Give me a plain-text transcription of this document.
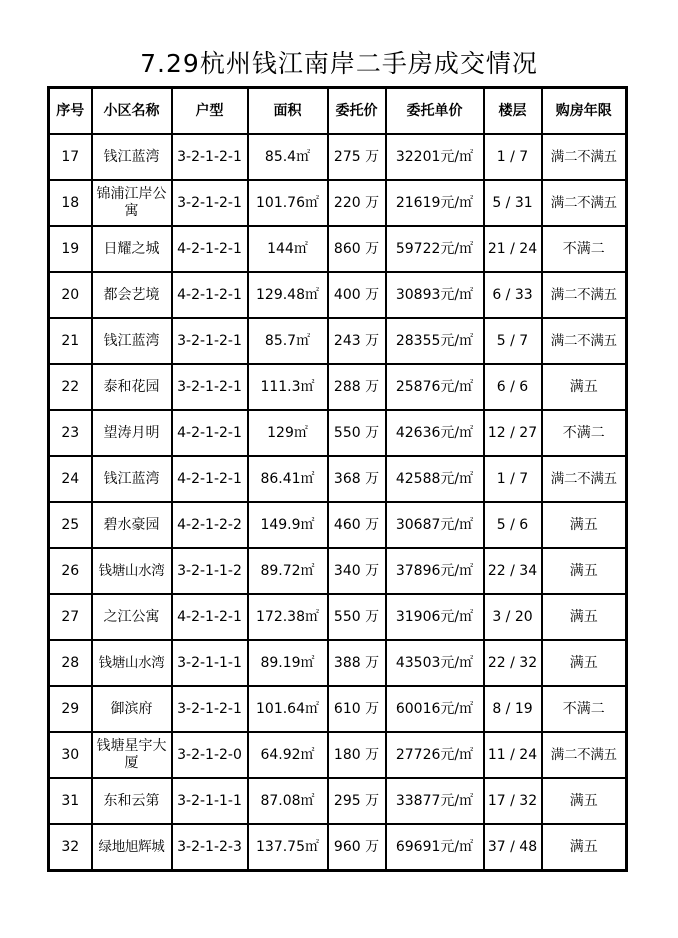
7.29杭州钱江南岸二手房成交情况
序号	小区名称	户型	面积	委托价	委托单价	楼层	购房年限
17	钱江蓝湾	3-2-1-2-1	85.4㎡	275 万	32201元/㎡	1 / 7	满二不满五
18	锦浦江岸公寓	3-2-1-2-1	101.76㎡	220 万	21619元/㎡	5 / 31	满二不满五
19	日耀之城	4-2-1-2-1	144㎡	860 万	59722元/㎡	21 / 24	不满二
20	都会艺境	4-2-1-2-1	129.48㎡	400 万	30893元/㎡	6 / 33	满二不满五
21	钱江蓝湾	3-2-1-2-1	85.7㎡	243 万	28355元/㎡	5 / 7	满二不满五
22	泰和花园	3-2-1-2-1	111.3㎡	288 万	25876元/㎡	6 / 6	满五
23	望涛月明	4-2-1-2-1	129㎡	550 万	42636元/㎡	12 / 27	不满二
24	钱江蓝湾	4-2-1-2-1	86.41㎡	368 万	42588元/㎡	1 / 7	满二不满五
25	碧水豪园	4-2-1-2-2	149.9㎡	460 万	30687元/㎡	5 / 6	满五
26	钱塘山水湾	3-2-1-1-2	89.72㎡	340 万	37896元/㎡	22 / 34	满五
27	之江公寓	4-2-1-2-1	172.38㎡	550 万	31906元/㎡	3 / 20	满五
28	钱塘山水湾	3-2-1-1-1	89.19㎡	388 万	43503元/㎡	22 / 32	满五
29	御滨府	3-2-1-2-1	101.64㎡	610 万	60016元/㎡	8 / 19	不满二
30	钱塘星宇大厦	3-2-1-2-0	64.92㎡	180 万	27726元/㎡	11 / 24	满二不满五
31	东和云第	3-2-1-1-1	87.08㎡	295 万	33877元/㎡	17 / 32	满五
32	绿地旭辉城	3-2-1-2-3	137.75㎡	960 万	69691元/㎡	37 / 48	满五
